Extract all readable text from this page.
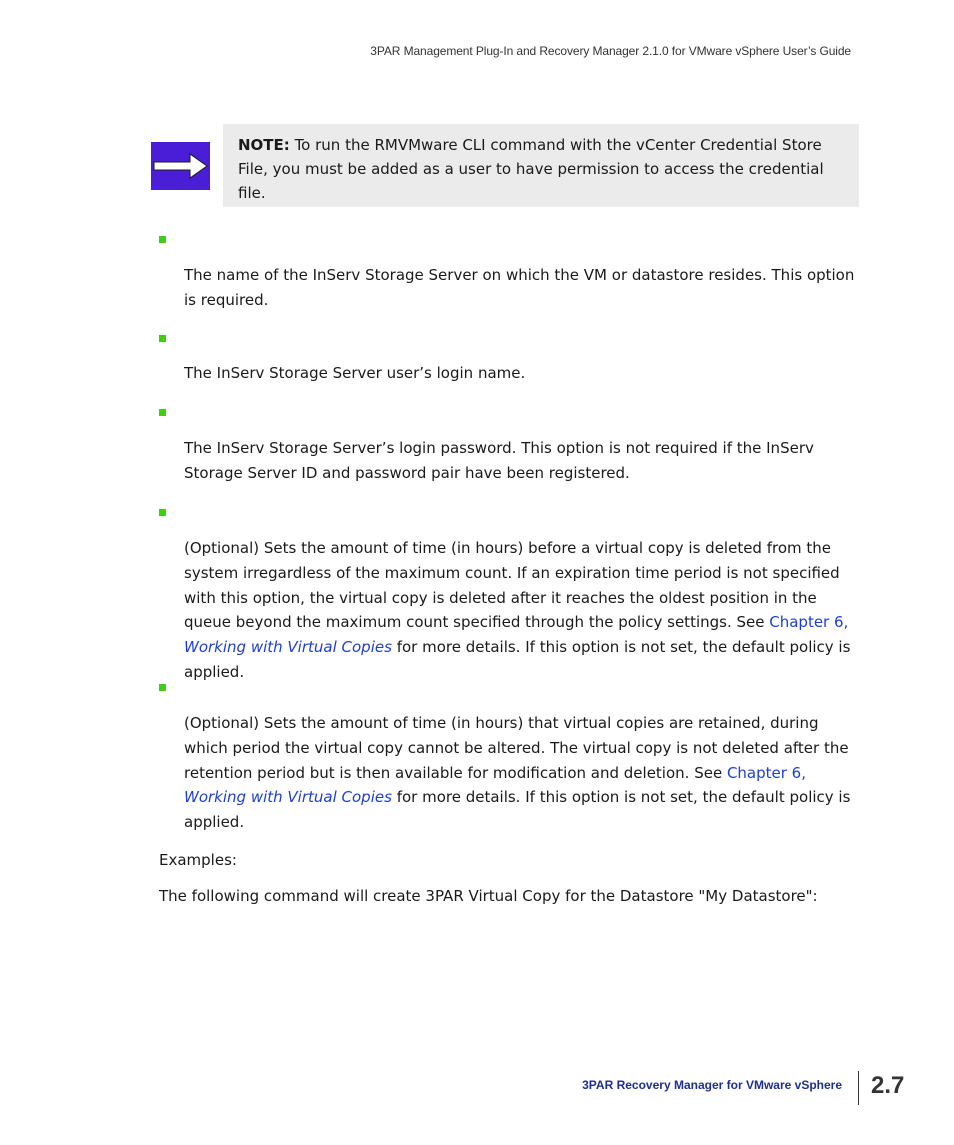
3PAR Management Plug-In and Recovery Manager 2.1.0 for VMware vSphere User’s Guide
NOTE: To run the RMVMware CLI command with the vCenter Credential Store File, you must be added as a user to have permission to access the credential file.
The name of the InServ Storage Server on which the VM or datastore resides. This option is required.
The InServ Storage Server user’s login name.
The InServ Storage Server’s login password. This option is not required if the InServ Storage Server ID and password pair have been registered.
(Optional) Sets the amount of time (in hours) before a virtual copy is deleted from the system irregardless of the maximum count. If an expiration time period is not specified with this option, the virtual copy is deleted after it reaches the oldest position in the queue beyond the maximum count specified through the policy settings. See Chapter 6, Working with Virtual Copies for more details. If this option is not set, the default policy is applied.
(Optional) Sets the amount of time (in hours) that virtual copies are retained, during which period the virtual copy cannot be altered. The virtual copy is not deleted after the retention period but is then available for modification and deletion. See Chapter 6, Working with Virtual Copies for more details. If this option is not set, the default policy is applied.
Examples:
The following command will create 3PAR Virtual Copy for the Datastore "My Datastore":
3PAR Recovery Manager for VMware vSphere 2.7
